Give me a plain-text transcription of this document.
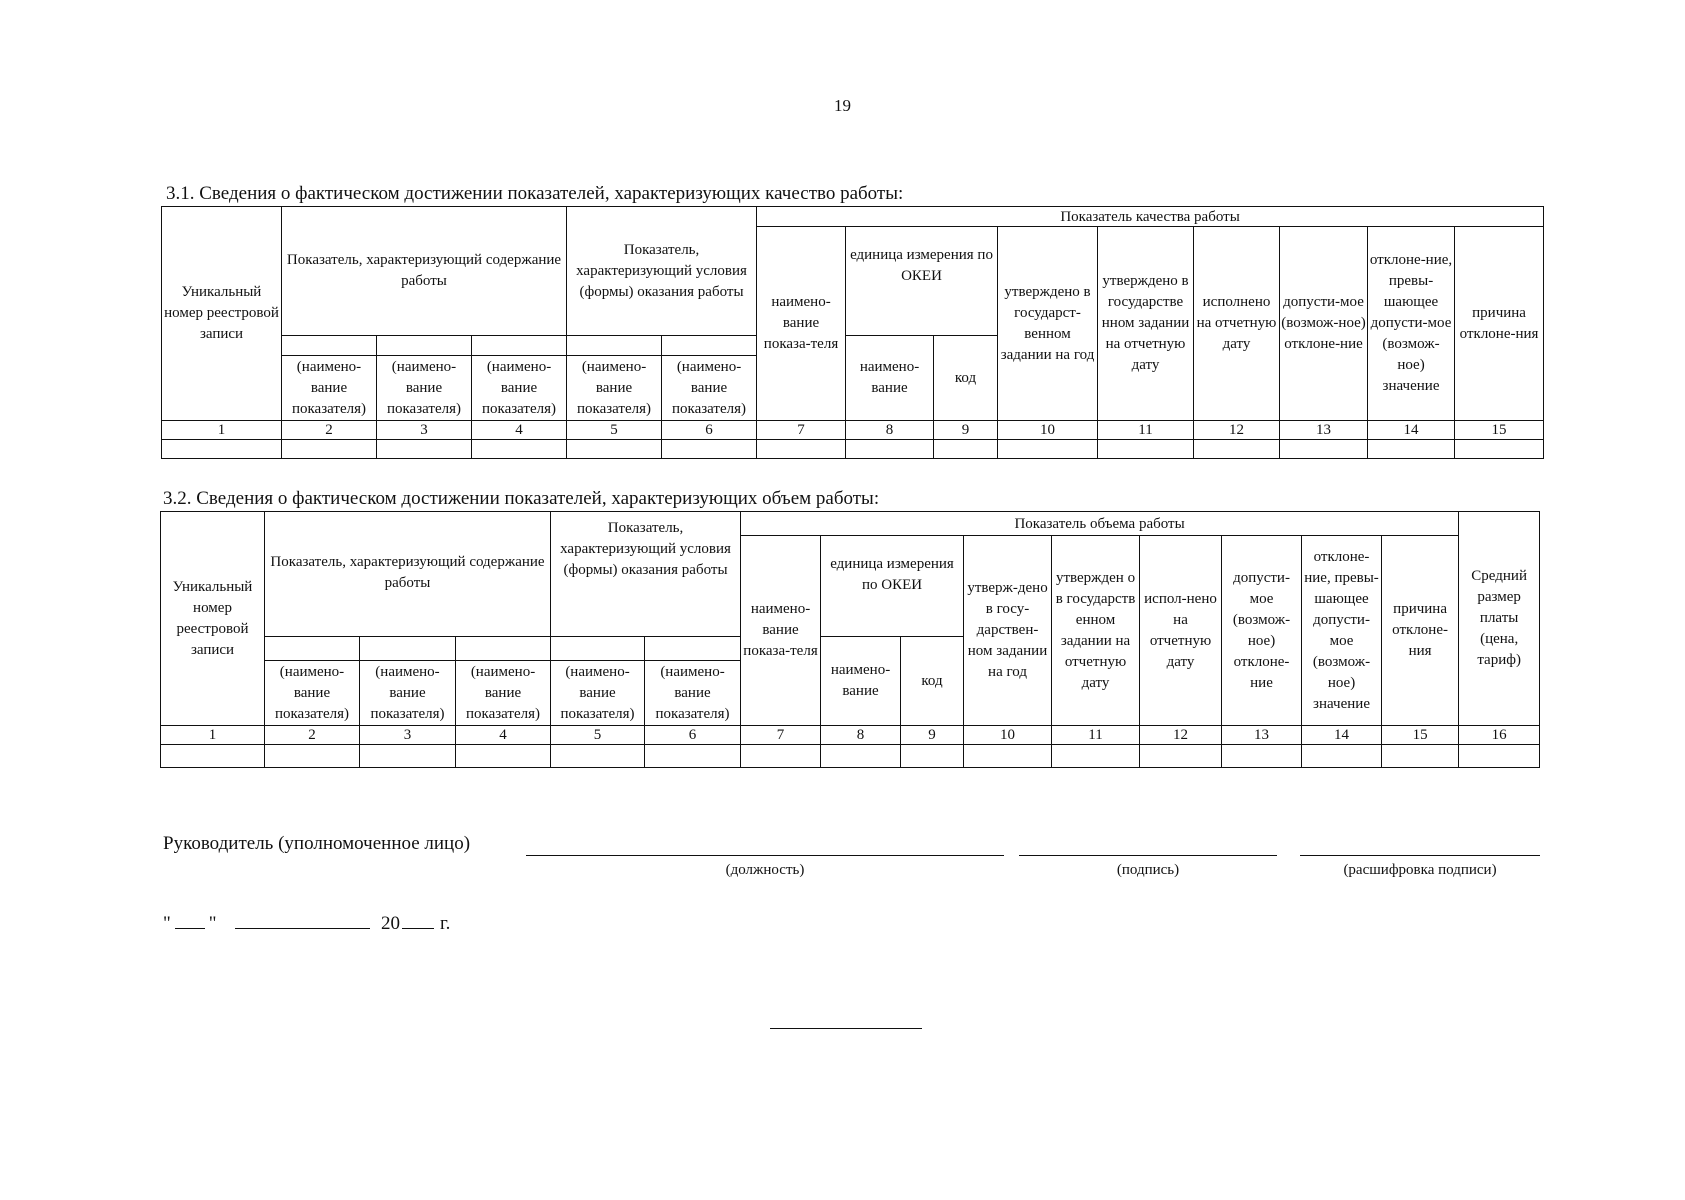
19
3.1. Сведения о фактическом достижении показателей, характеризующих качество работы:
Уникальный номер реестровой записи	Показатель, характеризующий содержание работы			Показатель, характеризующий условия (формы) оказания работы		Показатель качества работы								
						наимено-вание показа-теля	единица измерения по ОКЕИ		утверждено в государст-венном задании на год	утверждено в государстве нном задании на отчетную дату	исполнено на отчетную дату	допусти-мое (возмож-ное) отклоне-ние	отклоне-ние, превы-шающее допусти-мое (возмож-ное) значение	причина отклоне-ния
							наимено-вание	код						
	(наимено-вание показателя)	(наимено-вание показателя)	(наимено-вание показателя)	(наимено-вание показателя)	(наимено-вание показателя)									
1	2	3	4	5	6	7	8	9	10	11	12	13	14	15

3.2. Сведения о фактическом достижении показателей, характеризующих объем работы:
Уникальный номер реестровой записи	Показатель, характеризующий содержание работы			Показатель, характеризующий условия (формы) оказания работы		Показатель объема работы									Средний размер платы (цена, тариф)
						наимено-вание показа-теля	единица измерения по ОКЕИ		утверж-дено в госу-дарствен-ном задании на год	утвержден о в государств енном задании на отчетную дату	испол-нено на отчетную дату	допусти-мое (возмож-ное) отклоне-ние	отклоне-ние, превы-шающее допусти-мое (возмож-ное) значение	причина отклоне-ния	
							наимено-вание	код							
	(наимено-вание показателя)	(наимено-вание показателя)	(наимено-вание показателя)	(наимено-вание показателя)	(наимено-вание показателя)										
1	2	3	4	5	6	7	8	9	10	11	12	13	14	15	16

Руководитель (уполномоченное лицо)
(должность)	(подпись)	(расшифровка подписи)
" "	20 г.
